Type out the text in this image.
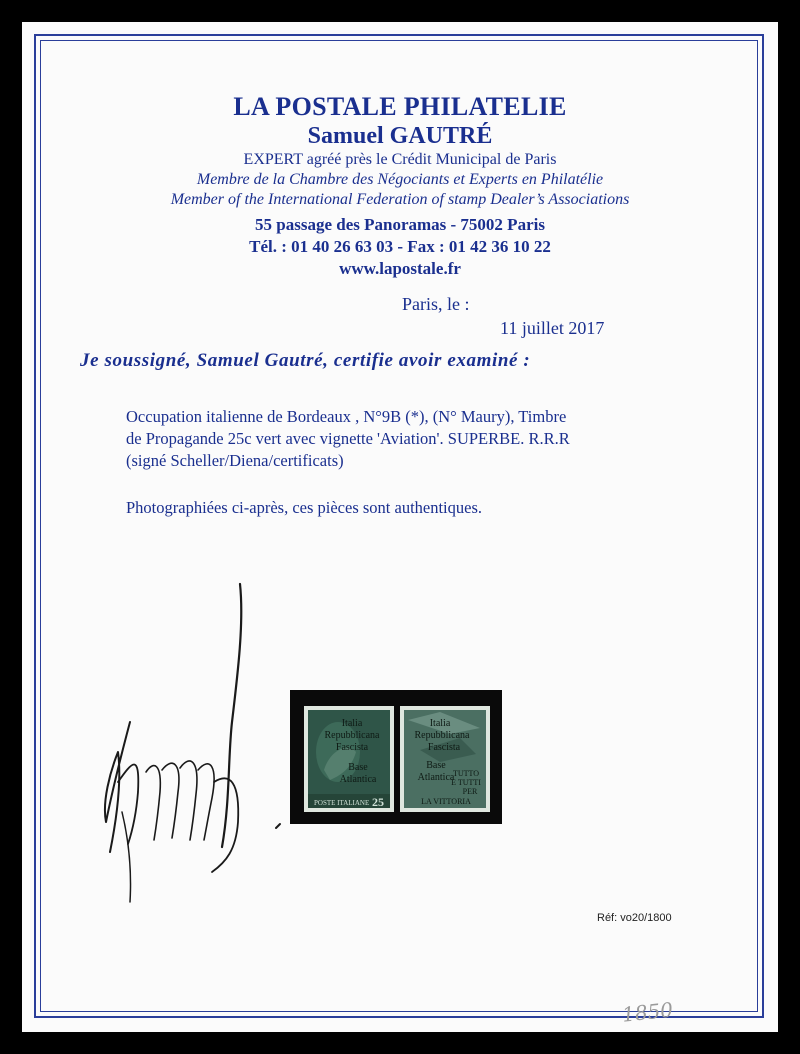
LA POSTALE PHILATELIE
Samuel GAUTRÉ
EXPERT agréé près le Crédit Municipal de Paris
Membre de la Chambre des Négociants et Experts en Philatélie
Member of the International Federation of stamp Dealer’s Associations
55 passage des Panoramas - 75002 Paris
Tél. : 01 40 26 63 03 - Fax : 01 42 36 10 22
www.lapostale.fr
Paris, le :
11 juillet 2017
Je soussigné, Samuel Gautré, certifie avoir examiné :
Occupation italienne de Bordeaux , N°9B (*), (N° Maury), Timbre
de Propagande 25c vert avec vignette 'Aviation'. SUPERBE. R.R.R
(signé Scheller/Diena/certificats)
Photographiées ci-après, ces pièces sont authentiques.
POSTE ITALIANE 25
Italia
Repubblicana
Fascista
Base
Atlantica
Italia
Repubblicana
Fascista
Base
Atlantica
TUTTO
E TUTTI
PER
LA VITTORIA
Réf: vo20/1800
1850
